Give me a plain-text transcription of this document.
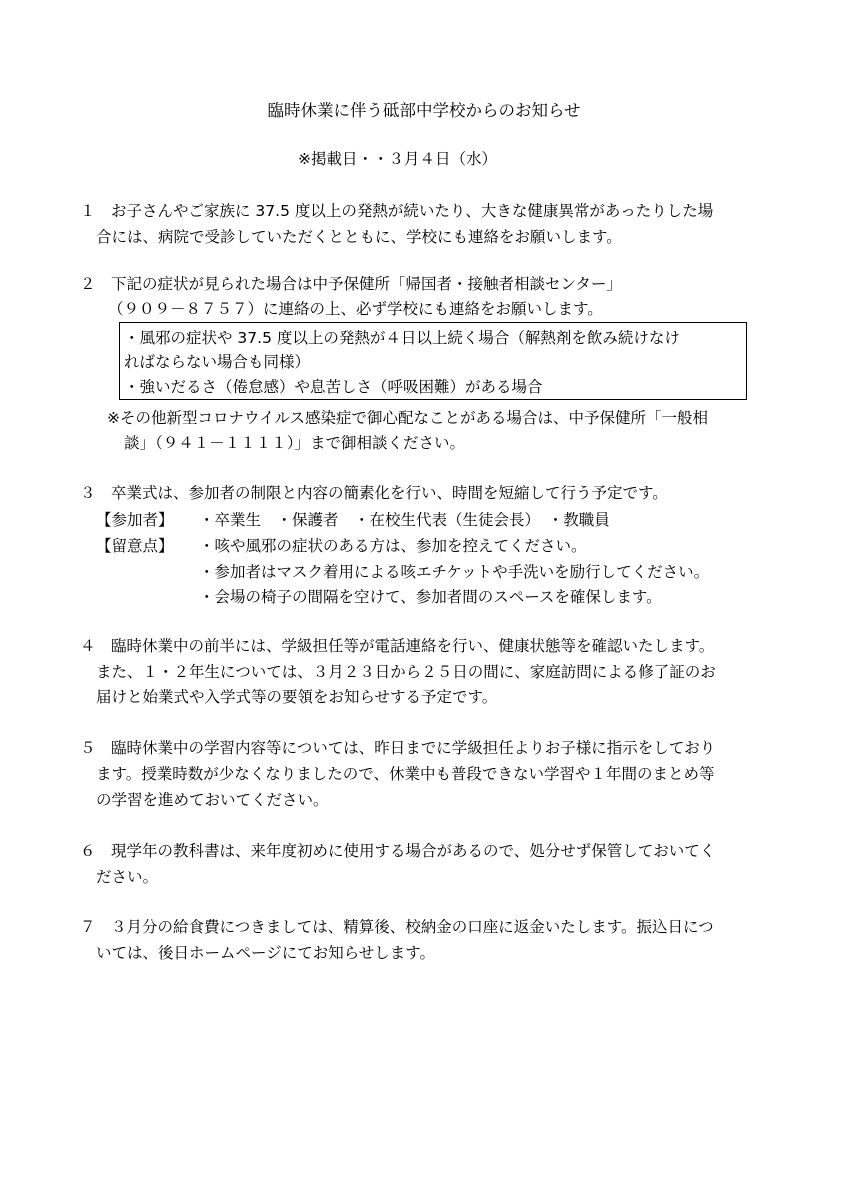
臨時休業に伴う砥部中学校からのお知らせ
※掲載日・・３月４日（水）
１　お子さんやご家族に 37.5 度以上の発熱が続いたり、大きな健康異常があったりした場
合には、病院で受診していただくとともに、学校にも連絡をお願いします。
２　下記の症状が見られた場合は中予保健所「帰国者・接触者相談センター」
（９０９－８７５７）に連絡の上、必ず学校にも連絡をお願いします。
・風邪の症状や 37.5 度以上の発熱が４日以上続く場合（解熱剤を飲み続けなけ
ればならない場合も同様）
・強いだるさ（倦怠感）や息苦しさ（呼吸困難）がある場合
※その他新型コロナウイルス感染症で御心配なことがある場合は、中予保健所「一般相
談」（９４１－１１１１）」まで御相談ください。
３　卒業式は、参加者の制限と内容の簡素化を行い、時間を短縮して行う予定です。
【参加者】 ・卒業生　・保護者　・在校生代表（生徒会長）　・教職員
【留意点】 ・咳や風邪の症状のある方は、参加を控えてください。
・参加者はマスク着用による咳エチケットや手洗いを励行してください。
・会場の椅子の間隔を空けて、参加者間のスペースを確保します。
４　臨時休業中の前半には、学級担任等が電話連絡を行い、健康状態等を確認いたします。
また、１・２年生については、３月２３日から２５日の間に、家庭訪問による修了証のお
届けと始業式や入学式等の要領をお知らせする予定です。
５　臨時休業中の学習内容等については、昨日までに学級担任よりお子様に指示をしており
ます。授業時数が少なくなりましたので、休業中も普段できない学習や１年間のまとめ等
の学習を進めておいてください。
６　現学年の教科書は、来年度初めに使用する場合があるので、処分せず保管しておいてく
ださい。
７　３月分の給食費につきましては、精算後、校納金の口座に返金いたします。振込日につ
いては、後日ホームページにてお知らせします。
